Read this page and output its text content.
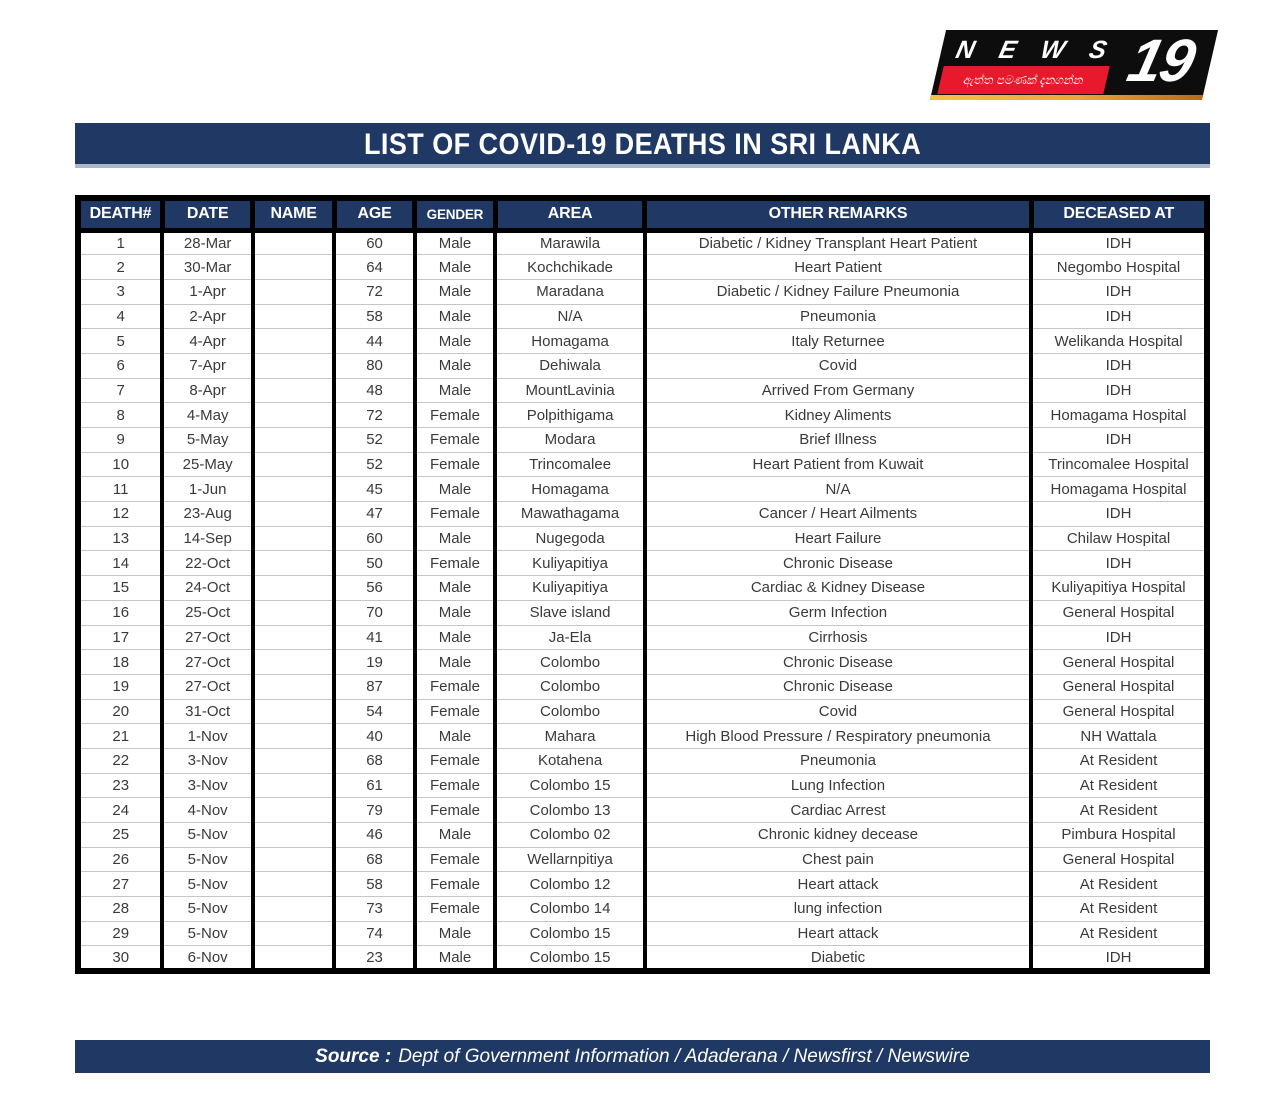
N E W S
ඇත්ත පමණක් දැනගන්න 19
LIST OF COVID-19 DEATHS IN SRI LANKA
DEATH#	DATE	NAME	AGE	GENDER	AREA	OTHER REMARKS	DECEASED AT
1	28-Mar		60	Male	Marawila	Diabetic / Kidney Transplant Heart Patient	IDH
2	30-Mar		64	Male	Kochchikade	Heart Patient	Negombo Hospital
3	1-Apr		72	Male	Maradana	Diabetic / Kidney Failure Pneumonia	IDH
4	2-Apr		58	Male	N/A	Pneumonia	IDH
5	4-Apr		44	Male	Homagama	Italy Returnee	Welikanda Hospital
6	7-Apr		80	Male	Dehiwala	Covid	IDH
7	8-Apr		48	Male	MountLavinia	Arrived From Germany	IDH
8	4-May		72	Female	Polpithigama	Kidney Aliments	Homagama Hospital
9	5-May		52	Female	Modara	Brief Illness	IDH
10	25-May		52	Female	Trincomalee	Heart Patient from Kuwait	Trincomalee Hospital
11	1-Jun		45	Male	Homagama	N/A	Homagama Hospital
12	23-Aug		47	Female	Mawathagama	Cancer / Heart Ailments	IDH
13	14-Sep		60	Male	Nugegoda	Heart Failure	Chilaw Hospital
14	22-Oct		50	Female	Kuliyapitiya	Chronic Disease	IDH
15	24-Oct		56	Male	Kuliyapitiya	Cardiac & Kidney Disease	Kuliyapitiya Hospital
16	25-Oct		70	Male	Slave island	Germ Infection	General Hospital
17	27-Oct		41	Male	Ja-Ela	Cirrhosis	IDH
18	27-Oct		19	Male	Colombo	Chronic Disease	General Hospital
19	27-Oct		87	Female	Colombo	Chronic Disease	General Hospital
20	31-Oct		54	Female	Colombo	Covid	General Hospital
21	1-Nov		40	Male	Mahara	High Blood Pressure / Respiratory pneumonia	NH Wattala
22	3-Nov		68	Female	Kotahena	Pneumonia	At Resident
23	3-Nov		61	Female	Colombo 15	Lung Infection	At Resident
24	4-Nov		79	Female	Colombo 13	Cardiac Arrest	At Resident
25	5-Nov		46	Male	Colombo 02	Chronic kidney decease	Pimbura Hospital
26	5-Nov		68	Female	Wellarnpitiya	Chest pain	General Hospital
27	5-Nov		58	Female	Colombo 12	Heart attack	At Resident
28	5-Nov		73	Female	Colombo 14	lung infection	At Resident
29	5-Nov		74	Male	Colombo 15	Heart attack	At Resident
30	6-Nov		23	Male	Colombo 15	Diabetic	IDH
Source : Dept of Government Information / Adaderana / Newsfirst / Newswire
